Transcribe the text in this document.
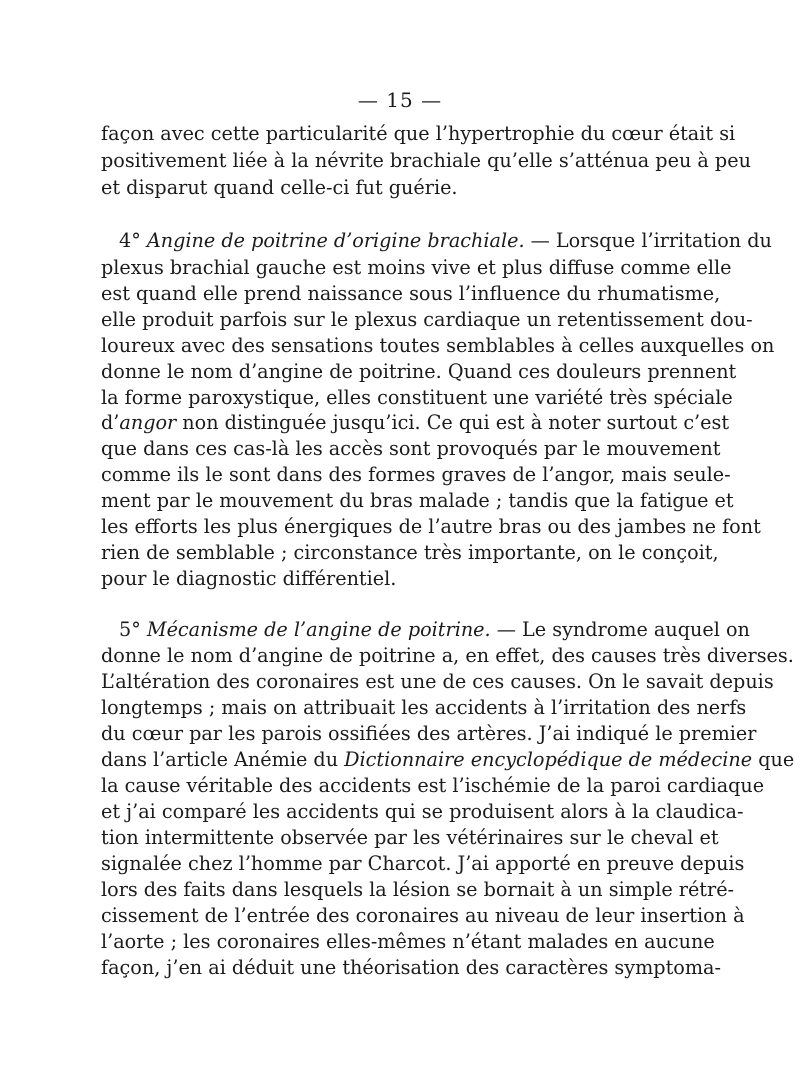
— 15 —
façon avec cette particularité que l’hypertrophie du cœur était si
positivement liée à la névrite brachiale qu’elle s’atténua peu à peu
et disparut quand celle-ci fut guérie.
4° Angine de poitrine d’origine brachiale. — Lorsque l’irritation du
plexus brachial gauche est moins vive et plus diffuse comme elle
est quand elle prend naissance sous l’influence du rhumatisme,
elle produit parfois sur le plexus cardiaque un retentissement dou-
loureux avec des sensations toutes semblables à celles auxquelles on
donne le nom d’angine de poitrine. Quand ces douleurs prennent
la forme paroxystique, elles constituent une variété très spéciale
d’angor non distinguée jusqu’ici. Ce qui est à noter surtout c’est
que dans ces cas-là les accès sont provoqués par le mouvement
comme ils le sont dans des formes graves de l’angor, mais seule-
ment par le mouvement du bras malade ; tandis que la fatigue et
les efforts les plus énergiques de l’autre bras ou des jambes ne font
rien de semblable ; circonstance très importante, on le conçoit,
pour le diagnostic différentiel.
5° Mécanisme de l’angine de poitrine. — Le syndrome auquel on
donne le nom d’angine de poitrine a, en effet, des causes très diverses.
L’altération des coronaires est une de ces causes. On le savait depuis
longtemps ; mais on attribuait les accidents à l’irritation des nerfs
du cœur par les parois ossifiées des artères. J’ai indiqué le premier
dans l’article Anémie du Dictionnaire encyclopédique de médecine que
la cause véritable des accidents est l’ischémie de la paroi cardiaque
et j’ai comparé les accidents qui se produisent alors à la claudica-
tion intermittente observée par les vétérinaires sur le cheval et
signalée chez l’homme par Charcot. J’ai apporté en preuve depuis
lors des faits dans lesquels la lésion se bornait à un simple rétré-
cissement de l’entrée des coronaires au niveau de leur insertion à
l’aorte ; les coronaires elles-mêmes n’étant malades en aucune
façon, j’en ai déduit une théorisation des caractères symptoma-
